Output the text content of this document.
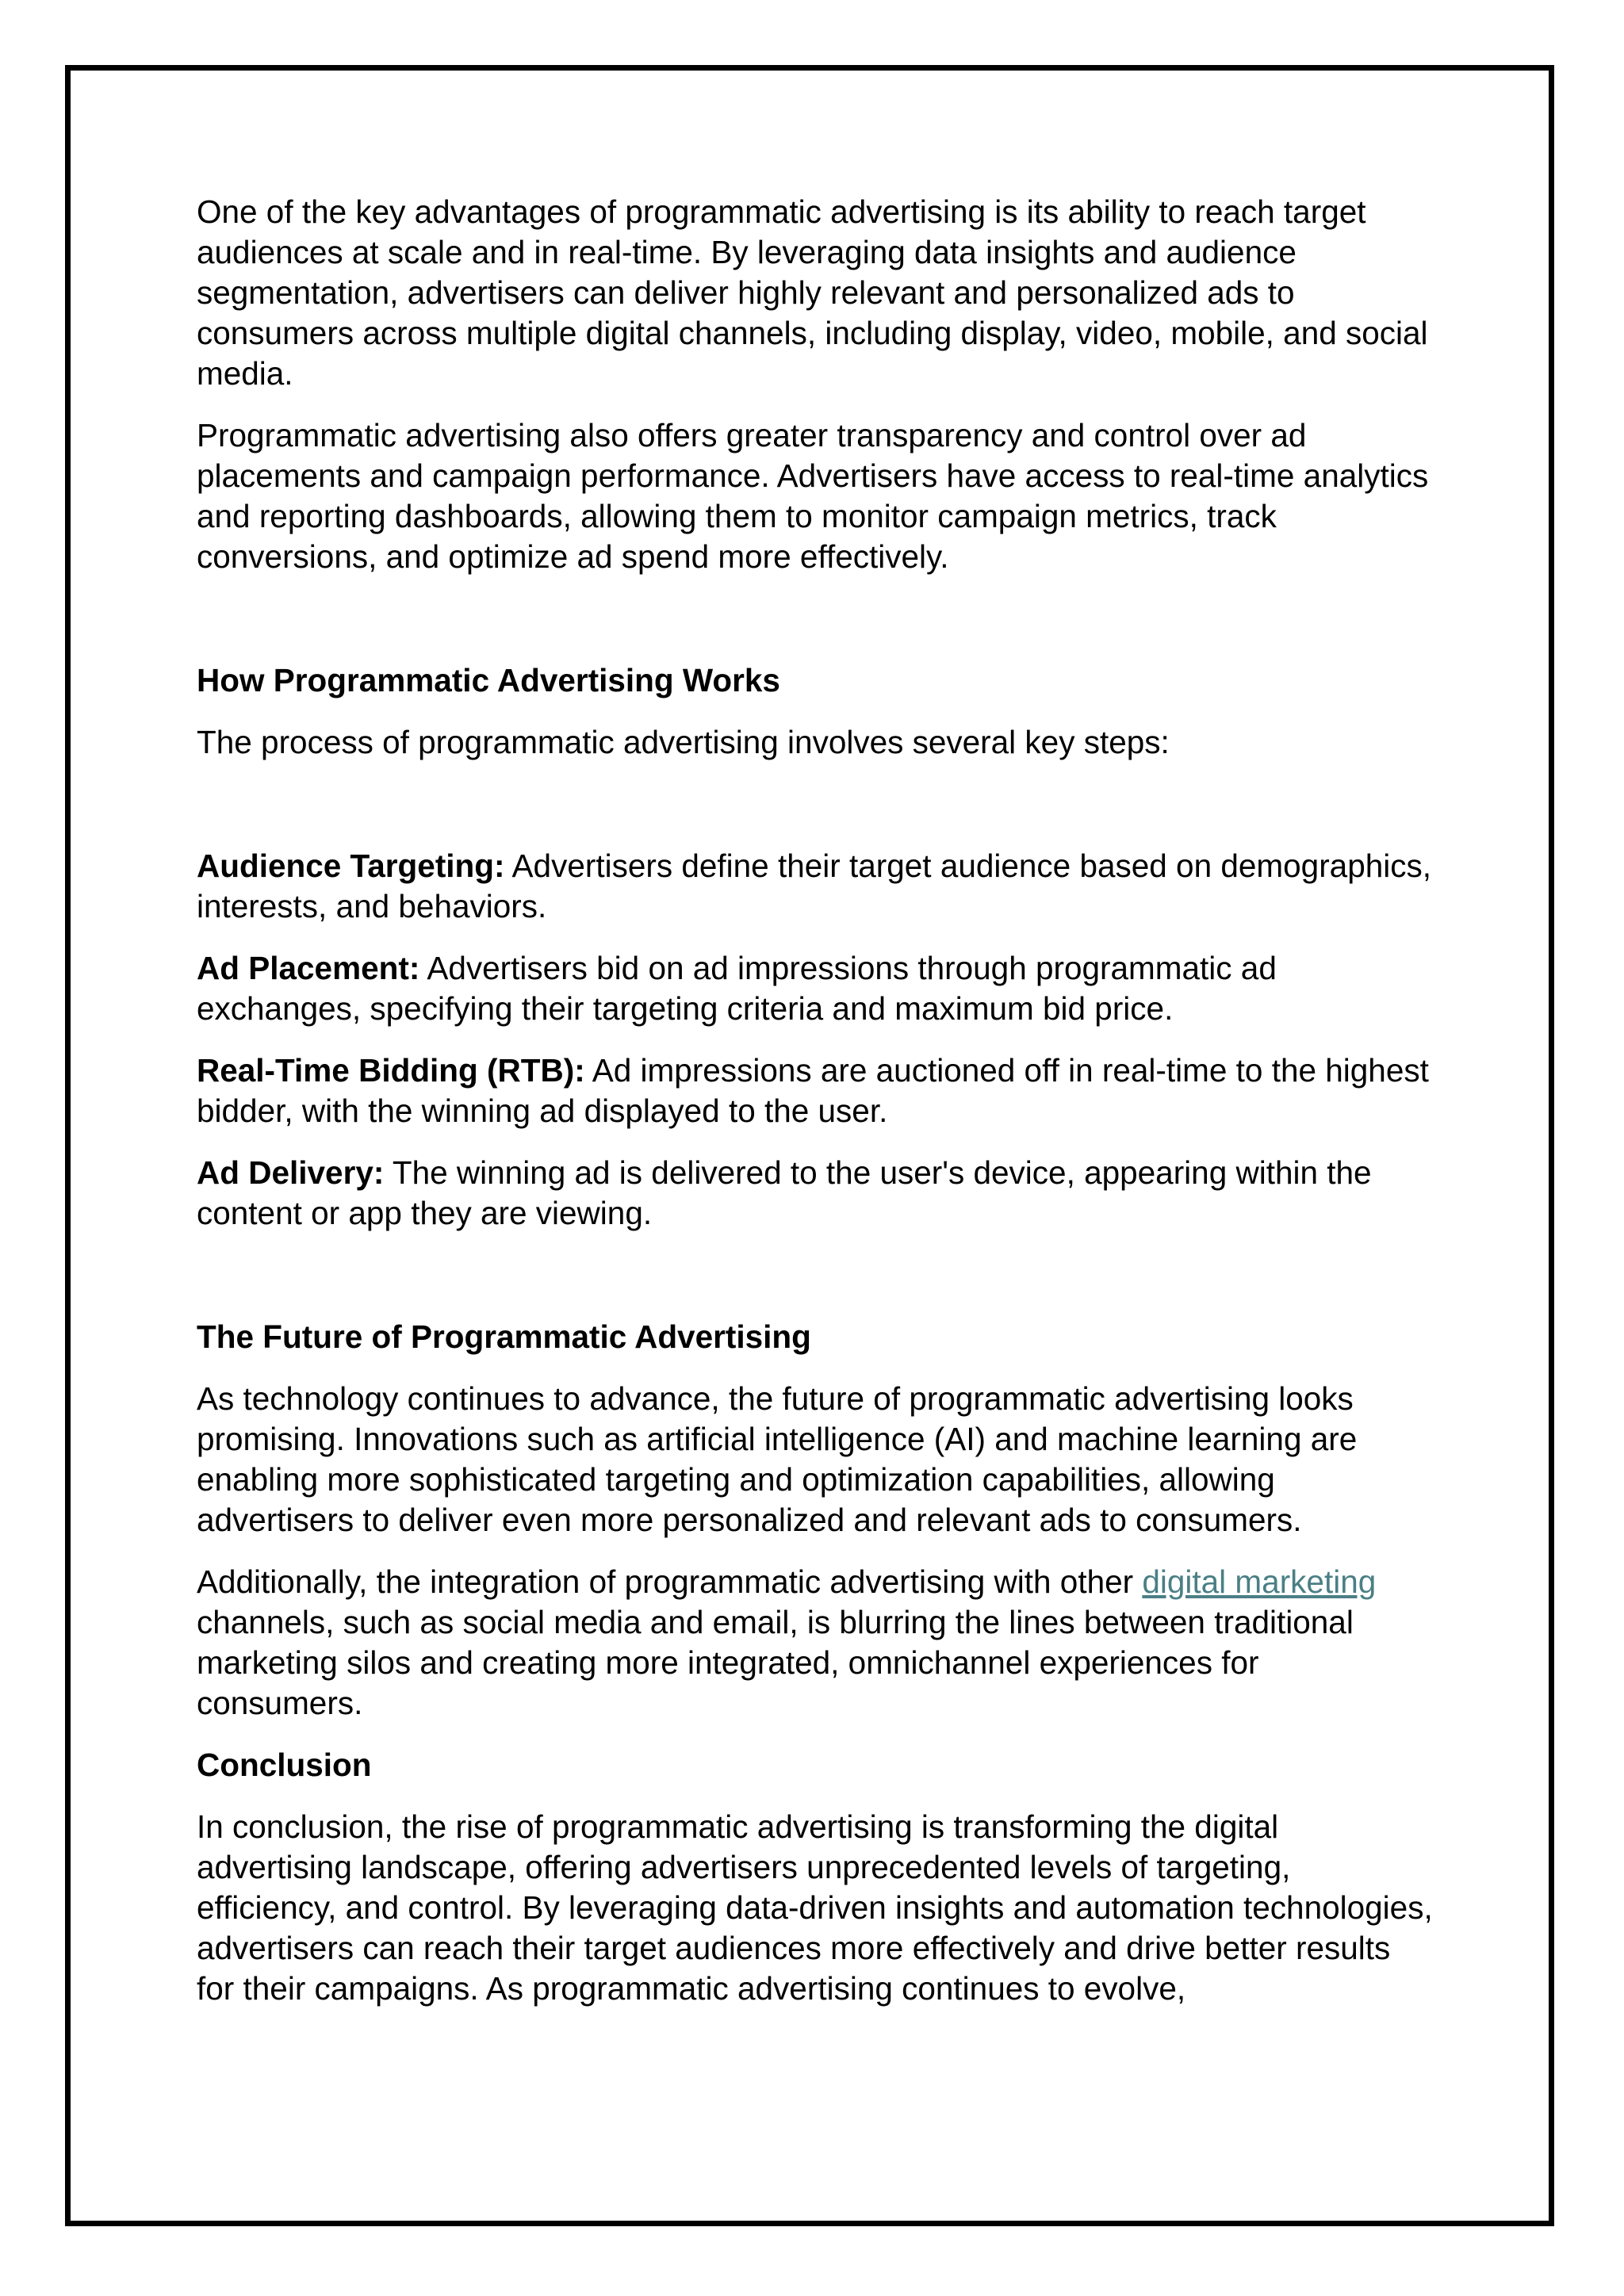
One of the key advantages of programmatic advertising is its ability to reach target audiences at scale and in real-time. By leveraging data insights and audience segmentation, advertisers can deliver highly relevant and personalized ads to consumers across multiple digital channels, including display, video, mobile, and social media.

Programmatic advertising also offers greater transparency and control over ad placements and campaign performance. Advertisers have access to real-time analytics and reporting dashboards, allowing them to monitor campaign metrics, track conversions, and optimize ad spend more effectively.

How Programmatic Advertising Works

The process of programmatic advertising involves several key steps:

Audience Targeting: Advertisers define their target audience based on demographics, interests, and behaviors.

Ad Placement: Advertisers bid on ad impressions through programmatic ad exchanges, specifying their targeting criteria and maximum bid price.

Real-Time Bidding (RTB): Ad impressions are auctioned off in real-time to the highest bidder, with the winning ad displayed to the user.

Ad Delivery: The winning ad is delivered to the user's device, appearing within the content or app they are viewing.

The Future of Programmatic Advertising

As technology continues to advance, the future of programmatic advertising looks promising. Innovations such as artificial intelligence (AI) and machine learning are enabling more sophisticated targeting and optimization capabilities, allowing advertisers to deliver even more personalized and relevant ads to consumers.

Additionally, the integration of programmatic advertising with other digital marketing channels, such as social media and email, is blurring the lines between traditional marketing silos and creating more integrated, omnichannel experiences for consumers.

Conclusion

In conclusion, the rise of programmatic advertising is transforming the digital advertising landscape, offering advertisers unprecedented levels of targeting, efficiency, and control. By leveraging data-driven insights and automation technologies, advertisers can reach their target audiences more effectively and drive better results for their campaigns. As programmatic advertising continues to evolve,
